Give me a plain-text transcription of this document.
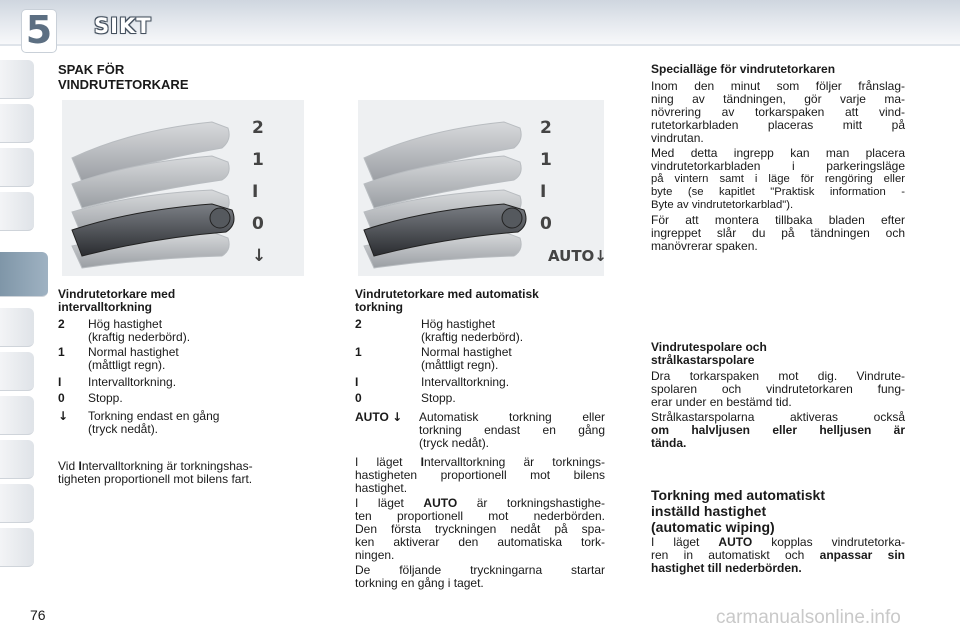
5 SIKT
SPAK FÖR
VINDRUTETORKARE
2
1
I
0
↓
Vindrutetorkare med
intervalltorkning
2 Hög hastighet
(kraftig nederbörd).
1 Normal hastighet
(måttligt regn).
I Intervalltorkning.
0 Stopp.
↓ Torkning endast en gång
(tryck nedåt).
Vid Intervalltorkning är torkningshas-
tigheten proportionell mot bilens fart.
2
1
I
0
AUTO↓
Vindrutetorkare med automatisk
torkning
2	Hög hastighet
(kraftig nederbörd).
1	Normal hastighet
(måttligt regn).
I	Intervalltorkning.
0	Stopp.
AUTO ↓ Automatisk torkning eller
torkning endast en gång
(tryck nedåt).
I läget Intervalltorkning är torknings-
hastigheten proportionell mot bilens
hastighet.
I läget AUTO är torkningshastighe-
ten proportionell mot nederbörden.
Den första tryckningen nedåt på spa-
ken aktiverar den automatiska tork-
ningen.
De följande tryckningarna startar
torkning en gång i taget.
Specialläge för vindrutetorkaren
Inom den minut som följer frånslag-
ning av tändningen, gör varje ma-
növrering av torkarspaken att vind-
rutetorkarbladen placeras mitt på
vindrutan.
Med detta ingrepp kan man placera
vindrutetorkarbladen i parkeringsläge
på vintern samt i läge för rengöring eller
byte (se kapitlet "Praktisk information -
Byte av vindrutetorkarblad").
För att montera tillbaka bladen efter
ingreppet slår du på tändningen och
manövrerar spaken.
Vindrutespolare och
strålkastarspolare
Dra torkarspaken mot dig. Vindrute-
spolaren och vindrutetorkaren fung-
erar under en bestämd tid.
Strålkastarspolarna aktiveras också
om halvljusen eller helljusen är
tända.
Torkning med automatiskt
inställd hastighet
(automatic wiping)
I läget AUTO kopplas vindrutetorka-
ren in automatiskt och anpassar sin
hastighet till nederbörden.
76	carmanualsonline.info
